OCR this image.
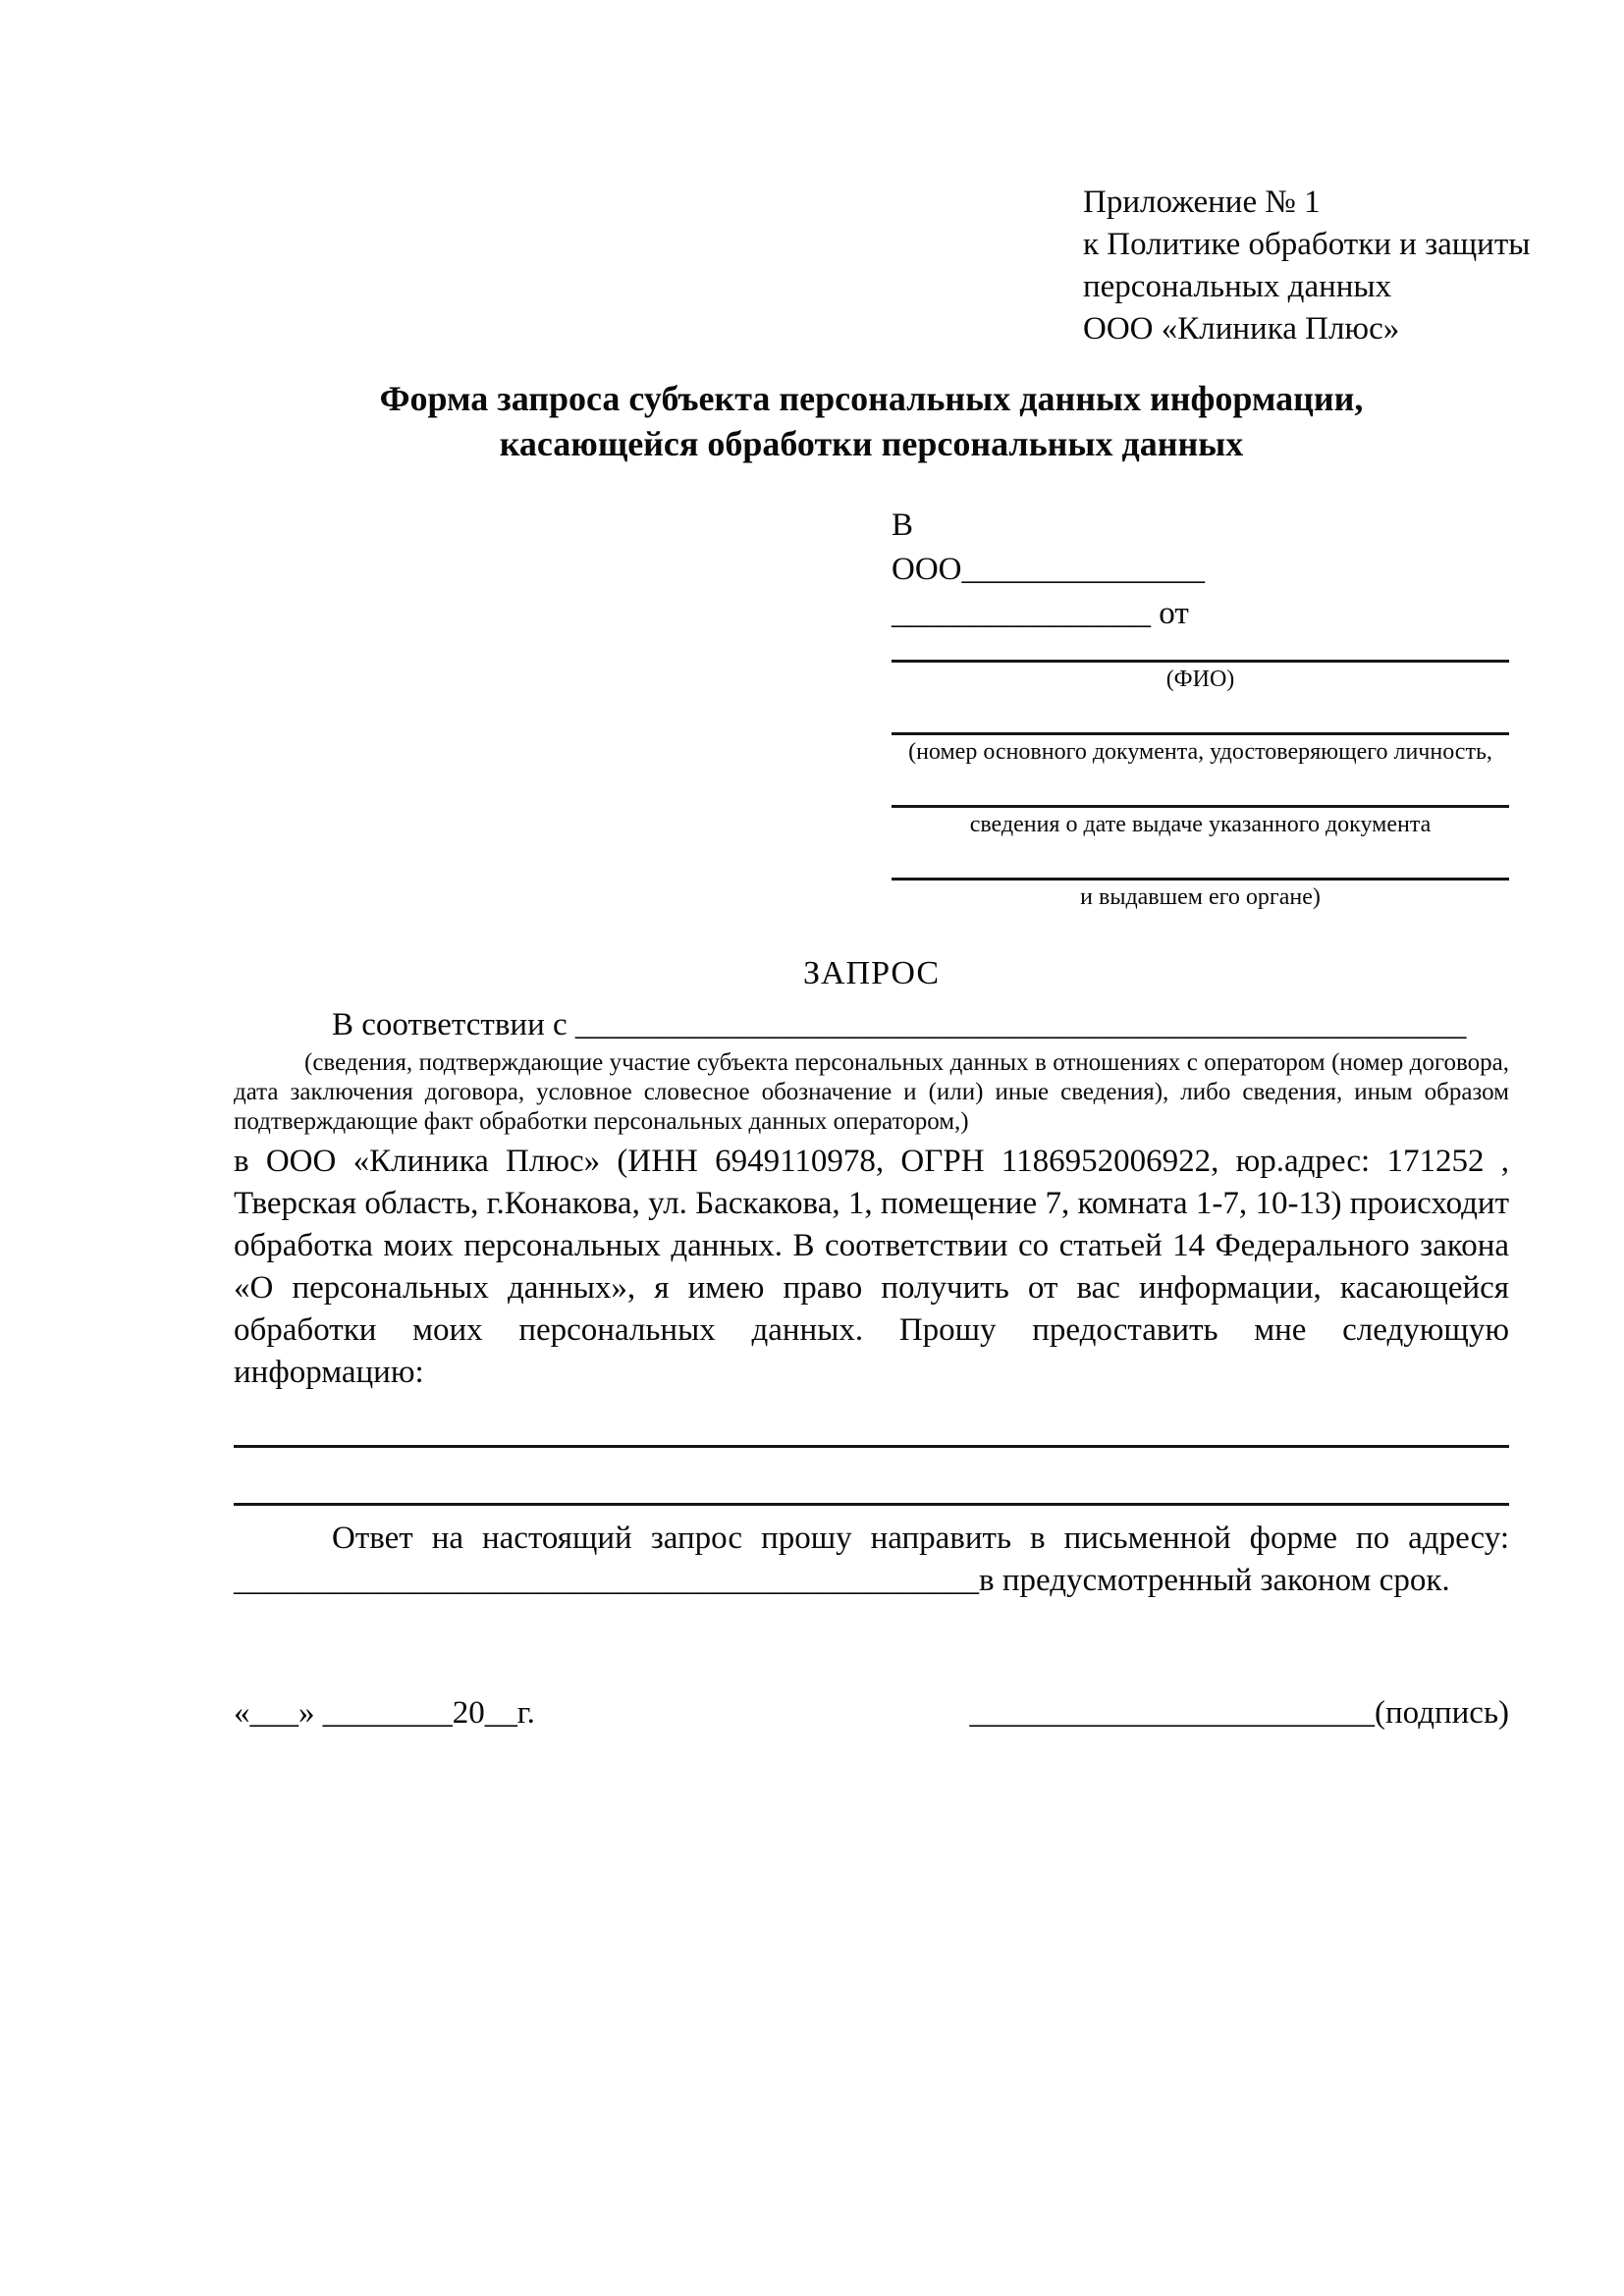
Приложение № 1
к Политике обработки и защиты
персональных данных
ООО «Клиника Плюс»
Форма запроса субъекта персональных данных информации,
касающейся обработки персональных данных
В
ООО_______________
________________ от
(ФИО)
(номер основного документа, удостоверяющего личность,
сведения о дате выдаче указанного документа
и выдавшем его органе)
ЗАПРОС
В соответствии с _______________________________________________________
(сведения, подтверждающие участие субъекта персональных данных в отношениях с оператором (номер договора, дата заключения договора, условное словесное обозначение и (или) иные сведения), либо сведения, иным образом подтверждающие факт обработки персональных данных оператором,)
в ООО «Клиника Плюс» (ИНН 6949110978, ОГРН 1186952006922, юр.адрес: 171252 , Тверская область, г.Конакова, ул. Баскакова, 1, помещение 7, комната 1-7, 10-13) происходит обработка моих персональных данных. В соответствии со статьей 14 Федерального закона «О персональных данных», я имею право получить от вас информации, касающейся обработки моих персональных данных. Прошу предоставить мне следующую информацию:
Ответ на настоящий запрос прошу направить в письменной форме по адресу:
______________________________________________в предусмотренный законом срок.
«___» ________20__г.	_________________________(подпись)
